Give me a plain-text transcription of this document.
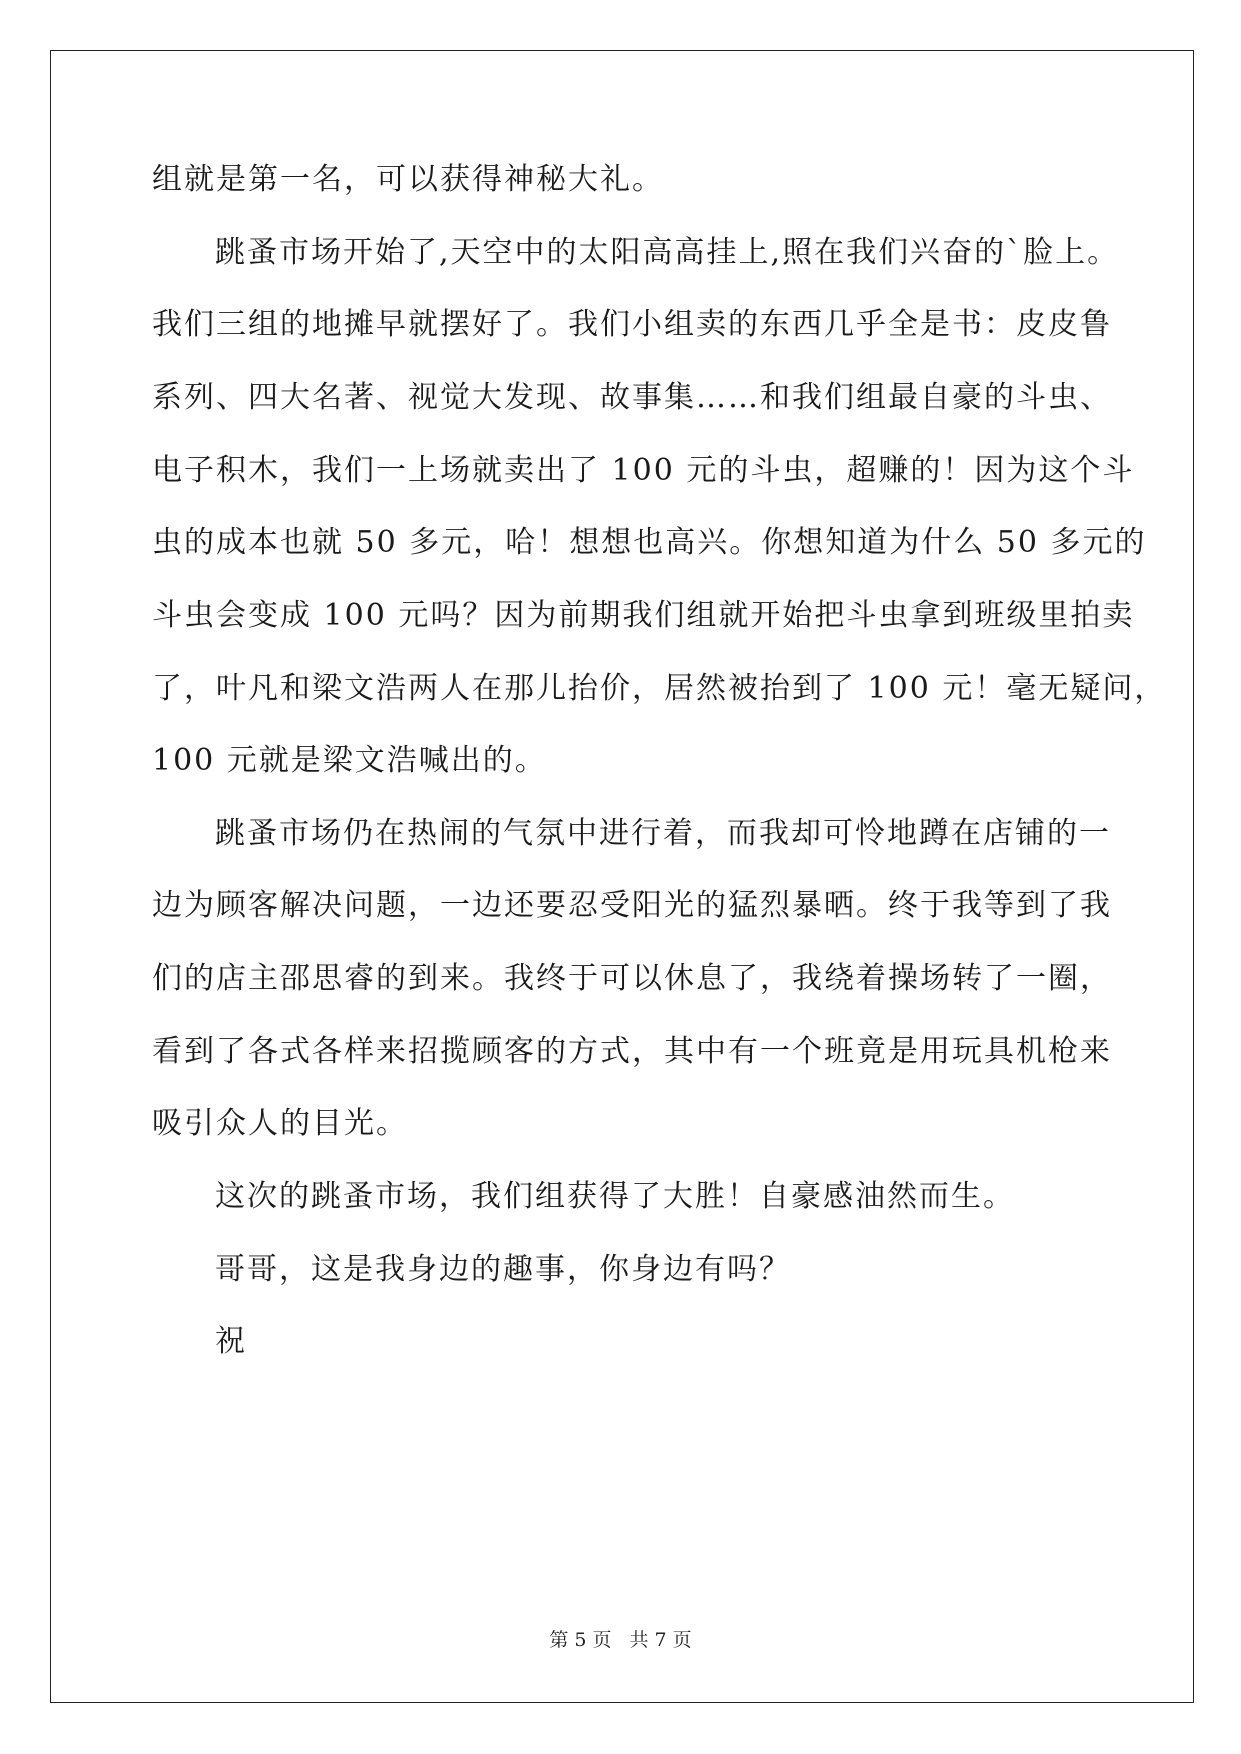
组就是第一名，可以获得神秘大礼。
跳蚤市场开始了,天空中的太阳高高挂上,照在我们兴奋的`脸上。
我们三组的地摊早就摆好了。我们小组卖的东西几乎全是书：皮皮鲁
系列、四大名著、视觉大发现、故事集……和我们组最自豪的斗虫、
电子积木，我们一上场就卖出了 100 元的斗虫，超赚的！因为这个斗
虫的成本也就 50 多元，哈！想想也高兴。你想知道为什么 50 多元的
斗虫会变成 100 元吗？因为前期我们组就开始把斗虫拿到班级里拍卖
了，叶凡和梁文浩两人在那儿抬价，居然被抬到了 100 元！毫无疑问，
100 元就是梁文浩喊出的。
跳蚤市场仍在热闹的气氛中进行着，而我却可怜地蹲在店铺的一
边为顾客解决问题，一边还要忍受阳光的猛烈暴晒。终于我等到了我
们的店主邵思睿的到来。我终于可以休息了，我绕着操场转了一圈，
看到了各式各样来招揽顾客的方式，其中有一个班竟是用玩具机枪来
吸引众人的目光。
这次的跳蚤市场，我们组获得了大胜！自豪感油然而生。
哥哥，这是我身边的趣事，你身边有吗？
祝
第 5 页 共 7 页
